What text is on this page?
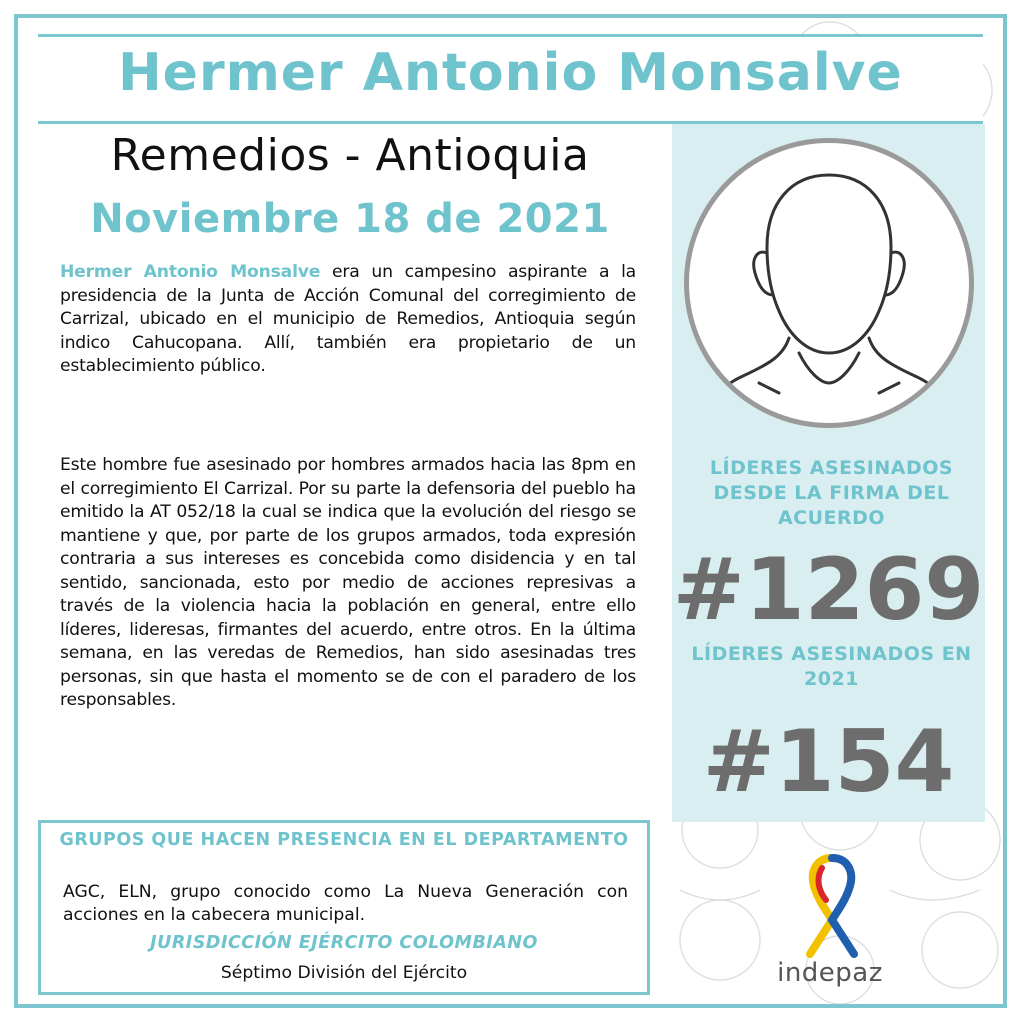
Hermer Antonio Monsalve
Remedios - Antioquia
Noviembre 18 de 2021
Hermer Antonio Monsalve era un campesino aspirante a la presidencia de la Junta de Acción Comunal del corregimiento de Carrizal, ubicado en el municipio de Remedios, Antioquia según indico Cahucopana. Allí, también era propietario de un establecimiento público.
Este hombre fue asesinado por hombres armados hacia las 8pm en el corregimiento El Carrizal. Por su parte la defensoria del pueblo ha emitido la AT 052/18 la cual se indica que la evolución del riesgo se mantiene y que, por parte de los grupos armados, toda expresión contraria a sus intereses es concebida como disidencia y en tal sentido, sancionada, esto por medio de acciones represivas a través de la violencia hacia la población en general, entre ello líderes, lideresas, firmantes del acuerdo, entre otros. En la última semana, en las veredas de Remedios, han sido asesinadas tres personas, sin que hasta el momento se de con el paradero de los responsables.
LÍDERES ASESINADOS DESDE LA FIRMA DEL ACUERDO
#1269
LÍDERES ASESINADOS EN 2021
#154
GRUPOS QUE HACEN PRESENCIA EN EL DEPARTAMENTO
AGC, ELN, grupo conocido como La Nueva Generación con acciones en la cabecera municipal.
JURISDICCIÓN EJÉRCITO COLOMBIANO
Séptimo División del Ejército	indepaz
